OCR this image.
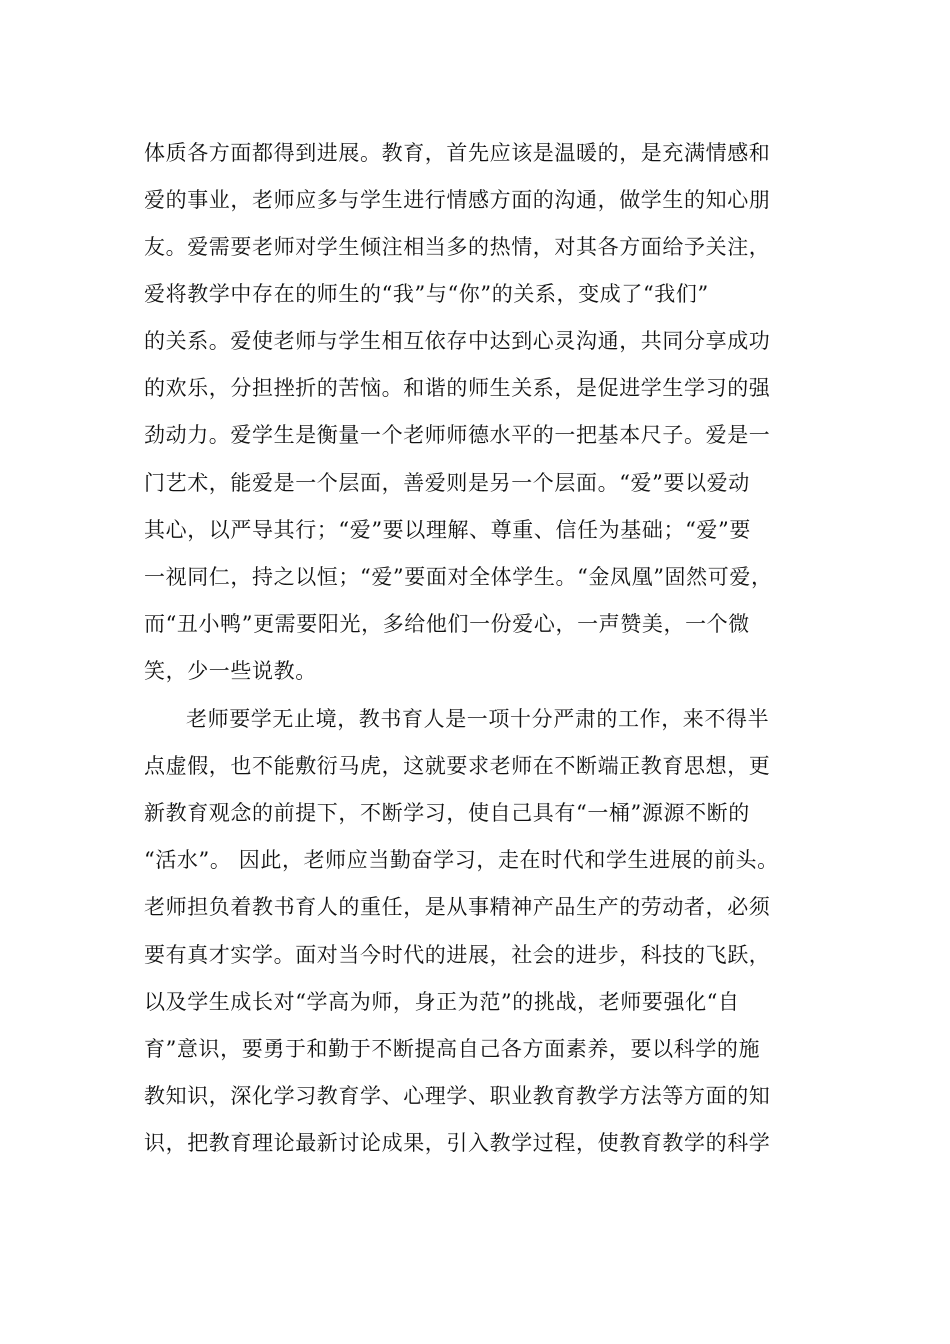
体质各方面都得到进展。教育，首先应该是温暖的，是充满情感和
爱的事业，老师应多与学生进行情感方面的沟通，做学生的知心朋
友。爱需要老师对学生倾注相当多的热情，对其各方面给予关注，
爱将教学中存在的师生的“我”与“你”的关系，变成了“我们”
的关系。爱使老师与学生相互依存中达到心灵沟通，共同分享成功
的欢乐，分担挫折的苦恼。和谐的师生关系，是促进学生学习的强
劲动力。爱学生是衡量一个老师师德水平的一把基本尺子。爱是一
门艺术，能爱是一个层面，善爱则是另一个层面。“爱”要以爱动
其心，以严导其行；“爱”要以理解、尊重、信任为基础；“爱”要
一视同仁，持之以恒；“爱”要面对全体学生。“金凤凰”固然可爱，
而“丑小鸭”更需要阳光，多给他们一份爱心，一声赞美，一个微
笑，少一些说教。
老师要学无止境，教书育人是一项十分严肃的工作，来不得半
点虚假，也不能敷衍马虎，这就要求老师在不断端正教育思想，更
新教育观念的前提下，不断学习，使自己具有“一桶”源源不断的
“活水”。 因此，老师应当勤奋学习，走在时代和学生进展的前头。
老师担负着教书育人的重任，是从事精神产品生产的劳动者，必须
要有真才实学。面对当今时代的进展，社会的进步，科技的飞跃，
以及学生成长对“学高为师，身正为范”的挑战，老师要强化“自
育”意识，要勇于和勤于不断提高自己各方面素养，要以科学的施
教知识，深化学习教育学、心理学、职业教育教学方法等方面的知
识，把教育理论最新讨论成果，引入教学过程，使教育教学的科学
